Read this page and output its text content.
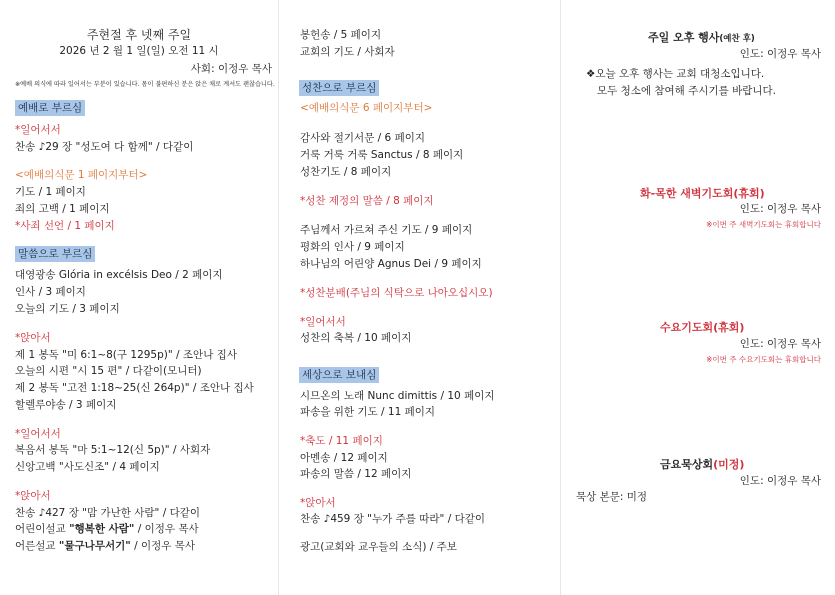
주현절 후 넷째 주일
2026 년 2 월 1 일(일) 오전 11 시
사회: 이정우 목사
※예배 의식에 따라 일어서는 부분이 있습니다. 몸이 불편하신 분은 앉은 채로 계셔도 괜찮습니다.
예배로 부르심
*일어서서
찬송 ♪29 장 "성도여 다 함께" / 다같이
<예배의식문 1 페이지부터>
기도 / 1 페이지
죄의 고백 / 1 페이지
*사죄 선언 / 1 페이지
말씀으로 부르심
대영광송 Glória in excélsis Deo / 2 페이지
인사 / 3 페이지
오늘의 기도 / 3 페이지
*앉아서
제 1 봉독 "미 6:1~8(구 1295p)" / 조안나 집사
오늘의 시편 "시 15 편" / 다같이(모니터)
제 2 봉독 "고전 1:18~25(신 264p)" / 조안나 집사
할렐루야송 / 3 페이지
*일어서서
복음서 봉독 "마 5:1~12(신 5p)" / 사회자
신앙고백 "사도신조" / 4 페이지
*앉아서
찬송 ♪427 장 "맘 가난한 사람" / 다같이
어린이설교 "행복한 사람" / 이정우 목사
어른설교 "물구나무서기" / 이정우 목사
봉헌송 / 5 페이지
교회의 기도 / 사회자
성찬으로 부르심
<예배의식문 6 페이지부터>
감사와 절기서문 / 6 페이지
거룩 거룩 거룩 Sanctus / 8 페이지
성찬기도 / 8 페이지
*성찬 제정의 말씀 / 8 페이지
주님께서 가르쳐 주신 기도 / 9 페이지
평화의 인사 / 9 페이지
하나님의 어린양 Agnus Dei / 9 페이지
*성찬분배(주님의 식탁으로 나아오십시오)
*일어서서
성찬의 축복 / 10 페이지
세상으로 보내심
시므온의 노래 Nunc dimittis / 10 페이지
파송을 위한 기도 / 11 페이지
*축도 / 11 페이지
아멘송 / 12 페이지
파송의 말씀 / 12 페이지
*앉아서
찬송 ♪459 장 "누가 주를 따라" / 다같이
광고(교회와 교우들의 소식) / 주보
주일 오후 행사(예찬 후)
인도: 이정우 목사
❖오늘 오후 행사는 교회 대청소입니다.
모두 청소에 참여해 주시기를 바랍니다.
화-목한 새벽기도회(휴회)
인도: 이정우 목사
※이번 주 새벽기도회는 휴회합니다
수요기도회(휴회)
인도: 이정우 목사
※이번 주 수요기도회는 휴회합니다
금요묵상회(미정)
인도: 이정우 목사
묵상 본문: 미정
